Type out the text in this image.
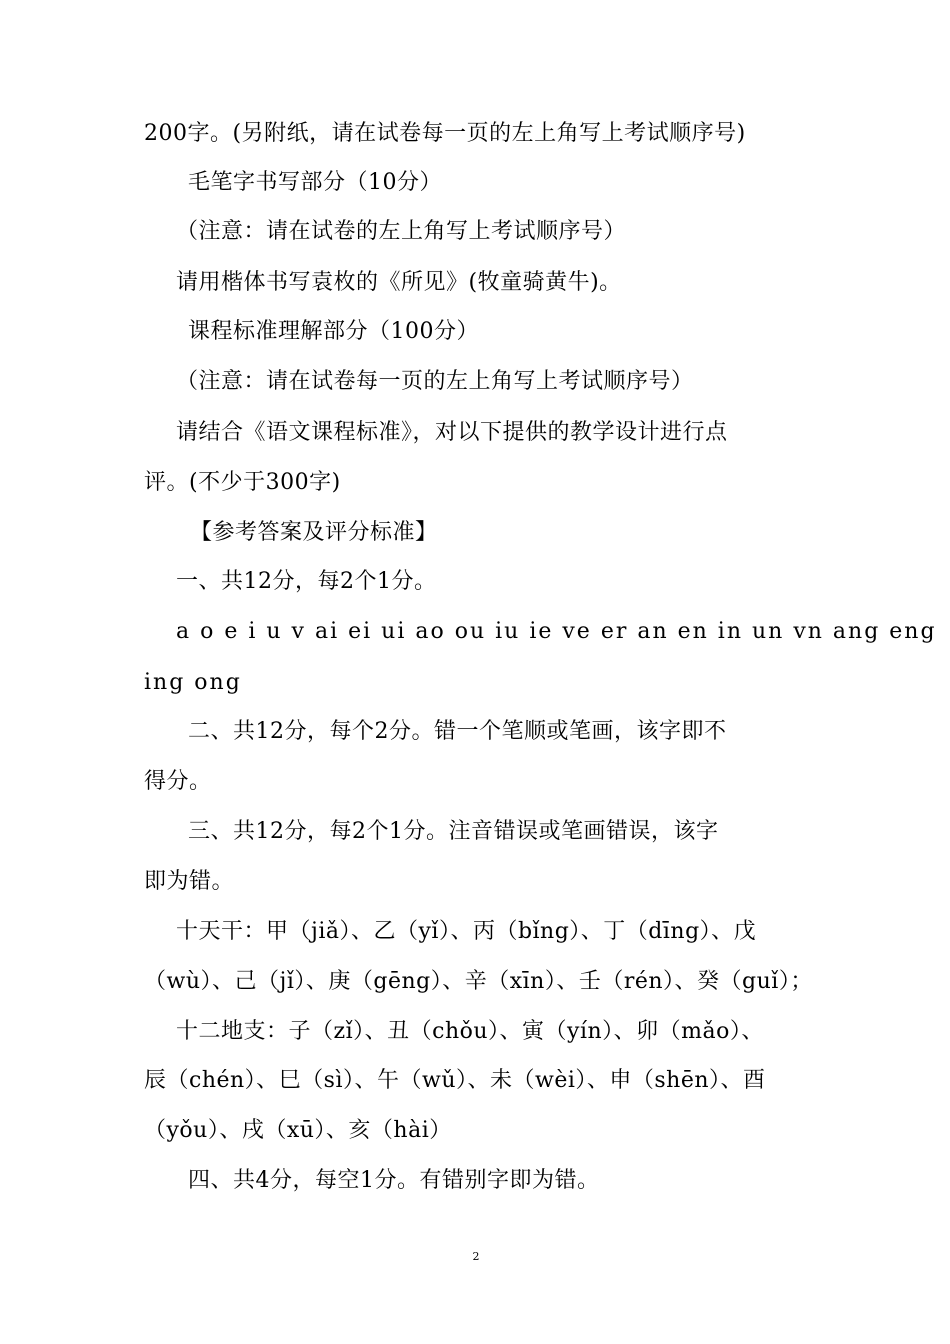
200字。(另附纸，请在试卷每一页的左上角写上考试顺序号)
毛笔字书写部分（10分）
（注意：请在试卷的左上角写上考试顺序号）
请用楷体书写袁枚的《所见》(牧童骑黄牛)。
课程标准理解部分（100分）
（注意：请在试卷每一页的左上角写上考试顺序号）
请结合《语文课程标准》，对以下提供的教学设计进行点
评。(不少于300字)
【参考答案及评分标准】
一、共12分，每2个1分。
a o e i u v ai ei ui ao ou iu ie ve er an en in un vn ang eng
ing ong
二、共12分，每个2分。错一个笔顺或笔画，该字即不
得分。
三、共12分，每2个1分。注音错误或笔画错误，该字
即为错。
十天干：甲（jiǎ）、乙（yǐ）、丙（bǐng）、丁（dīng）、戊
（wù）、己（jǐ）、庚（gēng）、辛（xīn）、壬（rén）、癸（guǐ）；
十二地支：子（zǐ）、丑（chǒu）、寅（yín）、卯（mǎo）、
辰（chén）、巳（sì）、午（wǔ）、未（wèi）、申（shēn）、酉
（yǒu）、戌（xū）、亥（hài）
四、共4分，每空1分。有错别字即为错。
2
